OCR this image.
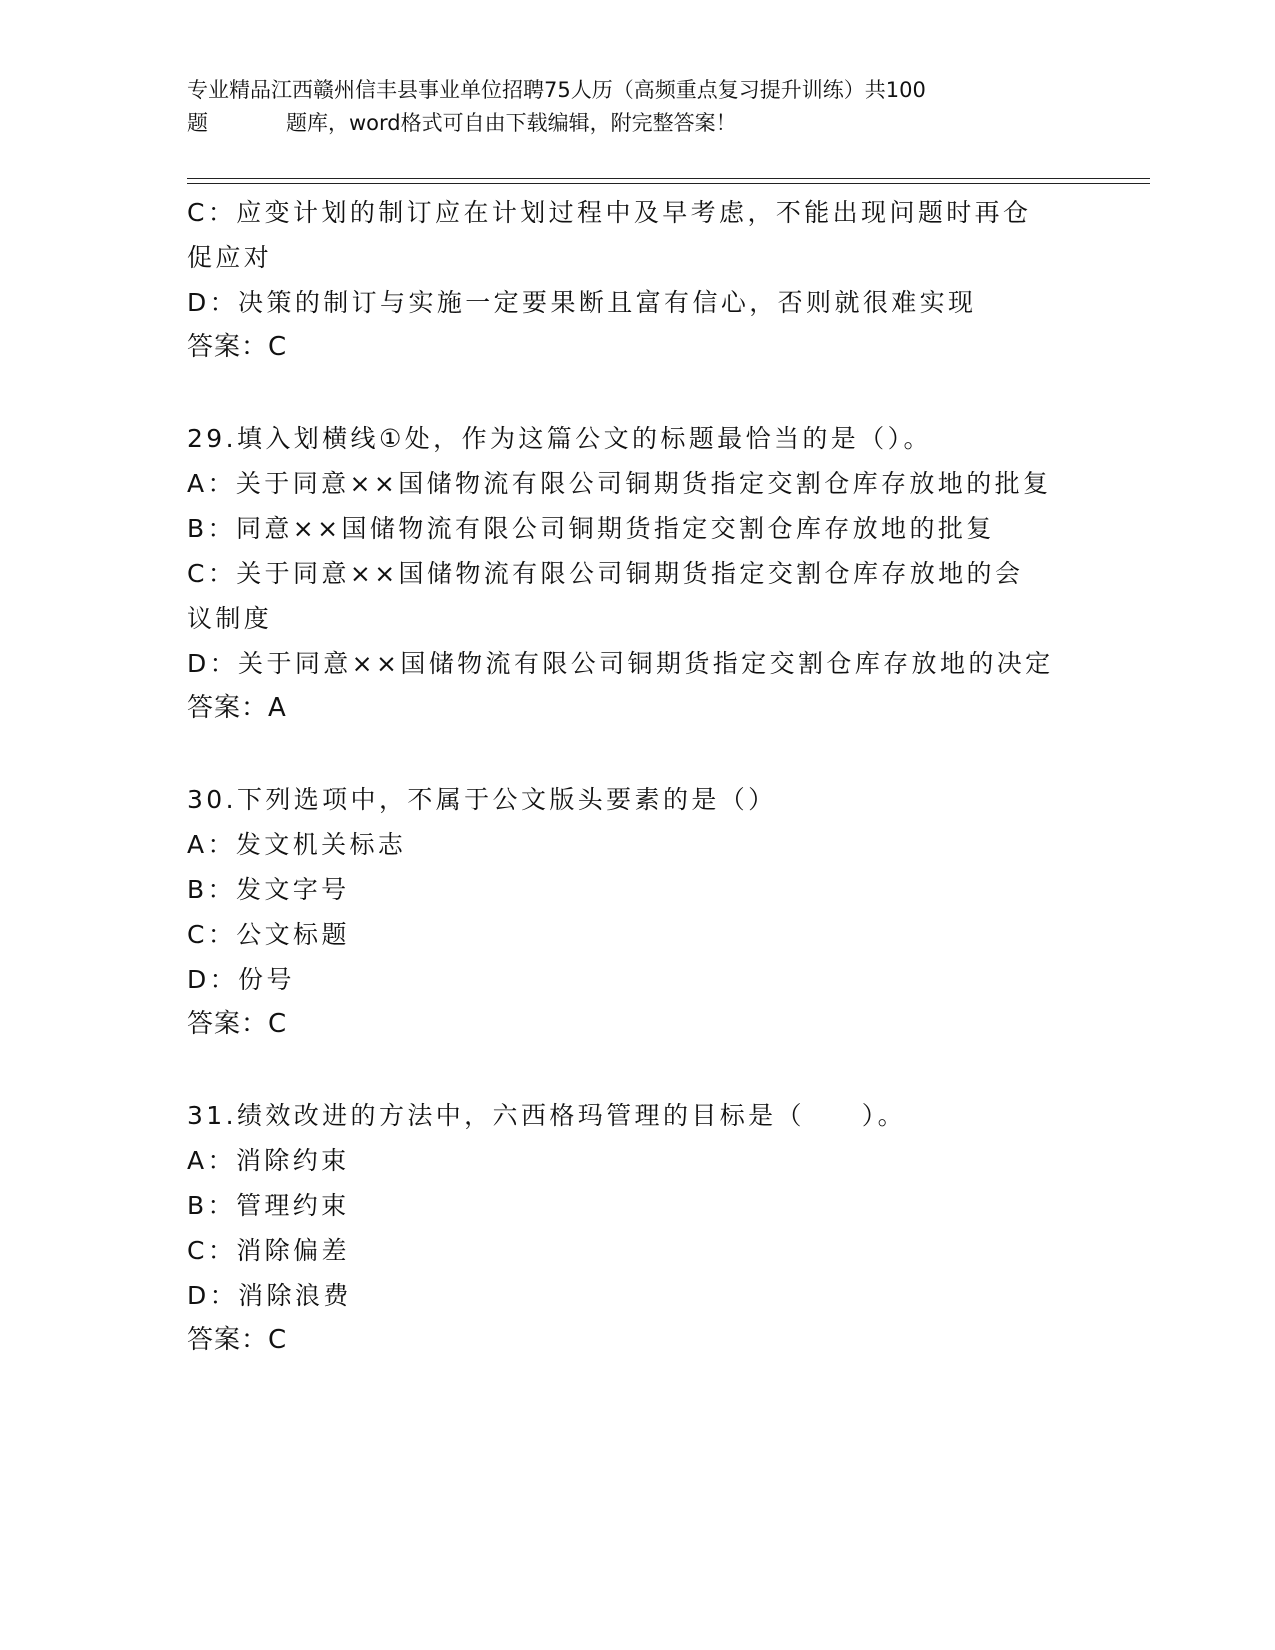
专业精品江西赣州信丰县事业单位招聘75人历（高频重点复习提升训练）共100
题	题库，word格式可自由下载编辑，附完整答案！
C：应变计划的制订应在计划过程中及早考虑，不能出现问题时再仓促应对
D：决策的制订与实施一定要果断且富有信心，否则就很难实现
答案：C
29.填入划横线①处，作为这篇公文的标题最恰当的是（）。
A：关于同意××国储物流有限公司铜期货指定交割仓库存放地的批复
B：同意××国储物流有限公司铜期货指定交割仓库存放地的批复
C：关于同意××国储物流有限公司铜期货指定交割仓库存放地的会议制度
D：关于同意××国储物流有限公司铜期货指定交割仓库存放地的决定
答案：A
30.下列选项中，不属于公文版头要素的是（）
A：发文机关标志
B：发文字号
C：公文标题
D：份号
答案：C
31.绩效改进的方法中，六西格玛管理的目标是（　　）。
A：消除约束
B：管理约束
C：消除偏差
D：消除浪费
答案：C
